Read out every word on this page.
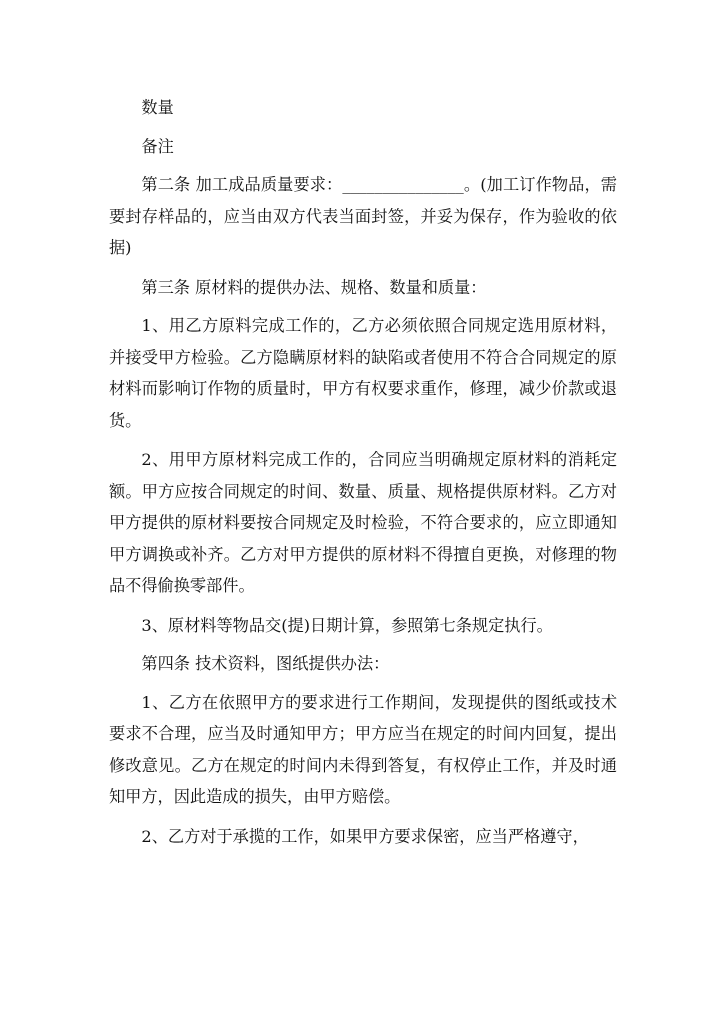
数量

备注

第二条 加工成品质量要求：_______________。(加工订作物品，需要封存样品的，应当由双方代表当面封签，并妥为保存，作为验收的依据)

第三条 原材料的提供办法、规格、数量和质量：

1、用乙方原料完成工作的，乙方必须依照合同规定选用原材料，并接受甲方检验。乙方隐瞒原材料的缺陷或者使用不符合合同规定的原材料而影响订作物的质量时，甲方有权要求重作，修理，减少价款或退货。

2、用甲方原材料完成工作的，合同应当明确规定原材料的消耗定额。甲方应按合同规定的时间、数量、质量、规格提供原材料。乙方对甲方提供的原材料要按合同规定及时检验，不符合要求的，应立即通知甲方调换或补齐。乙方对甲方提供的原材料不得擅自更换，对修理的物品不得偷换零部件。

3、原材料等物品交(提)日期计算，参照第七条规定执行。

第四条 技术资料，图纸提供办法：

1、乙方在依照甲方的要求进行工作期间，发现提供的图纸或技术要求不合理，应当及时通知甲方；甲方应当在规定的时间内回复，提出修改意见。乙方在规定的时间内未得到答复，有权停止工作，并及时通知甲方，因此造成的损失，由甲方赔偿。

2、乙方对于承揽的工作，如果甲方要求保密，应当严格遵守，
